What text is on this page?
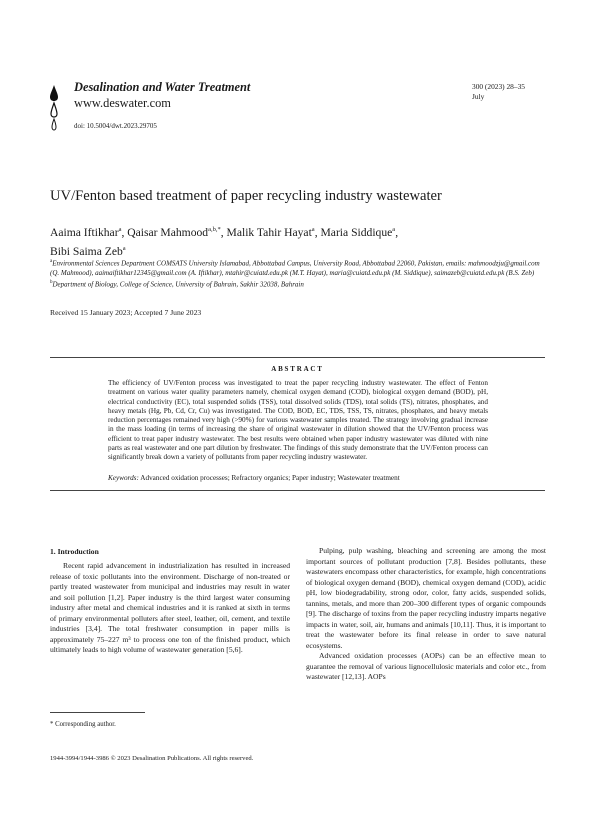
Desalination and Water Treatment
www.deswater.com
doi: 10.5004/dwt.2023.29705
300 (2023) 28–35
July
UV/Fenton based treatment of paper recycling industry wastewater
Aaima Iftikhar$^a$, Qaisar Mahmood$^{a,b,*}$, Malik Tahir Hayat$^a$, Maria Siddique$^a$,
Bibi Saima Zeb$^a$
$^a$Environmental Sciences Department COMSATS University Islamabad, Abbottabad Campus, University Road, Abbottabad 22060, Pakistan, emails: mahmoodzju@gmail.com (Q. Mahmood), aaimaiftikhar12345@gmail.com (A. Iftikhar), mtahir@cuiatd.edu.pk (M.T. Hayat), maria@cuiatd.edu.pk (M. Siddique), saimazeb@cuiatd.edu.pk (B.S. Zeb)
$^b$Department of Biology, College of Science, University of Bahrain, Sakhir 32038, Bahrain
Received 15 January 2023; Accepted 7 June 2023
ABSTRACT
The efficiency of UV/Fenton process was investigated to treat the paper recycling industry wastewater. The effect of Fenton treatment on various water quality parameters namely, chemical oxygen demand (COD), biological oxygen demand (BOD), pH, electrical conductivity (EC), total suspended solids (TSS), total dissolved solids (TDS), total solids (TS), nitrates, phosphates, and heavy metals (Hg, Pb, Cd, Cr, Cu) was investigated. The COD, BOD, EC, TDS, TSS, TS, nitrates, phosphates, and heavy metals reduction percentages remained very high (>90%) for various wastewater samples treated. The strategy involving gradual increase in the mass loading (in terms of increasing the share of original wastewater in dilution showed that the UV/Fenton process was efficient to treat paper industry wastewater. The best results were obtained when paper industry wastewater was diluted with nine parts as real wastewater and one part dilution by freshwater. The findings of this study demonstrate that the UV/Fenton process can significantly break down a variety of pollutants from paper recycling industry wastewater.
Keywords: Advanced oxidation processes; Refractory organics; Paper industry; Wastewater treatment
1. Introduction

Recent rapid advancement in industrialization has resulted in increased release of toxic pollutants into the environment. Discharge of non-treated or partly treated wastewater from municipal and industries may result in water and soil pollution [1,2]. Paper industry is the third largest water consuming industry after metal and chemical industries and it is ranked at sixth in terms of primary environmental polluters after steel, leather, oil, cement, and textile industries [3,4]. The total freshwater consumption in paper mills is approximately 75–227 m³ to process one ton of the finished product, which ultimately leads to high volume of wastewater generation [5,6].

Pulping, pulp washing, bleaching and screening are among the most important sources of pollutant production [7,8]. Besides pollutants, these wastewaters encompass other characteristics, for example, high concentrations of biological oxygen demand (BOD), chemical oxygen demand (COD), acidic pH, low biodegradability, strong odor, color, fatty acids, suspended solids, tannins, metals, and more than 200–300 different types of organic compounds [9]. The discharge of toxins from the paper recycling industry imparts negative impacts in water, soil, air, humans and animals [10,11]. Thus, it is important to treat the wastewater before its final release in order to save natural ecosystems.

Advanced oxidation processes (AOPs) can be an effective mean to guarantee the removal of various lignocellulosic materials and color etc., from wastewater [12,13]. AOPs

* Corresponding author.
1944-3994/1944-3986 © 2023 Desalination Publications. All rights reserved.
